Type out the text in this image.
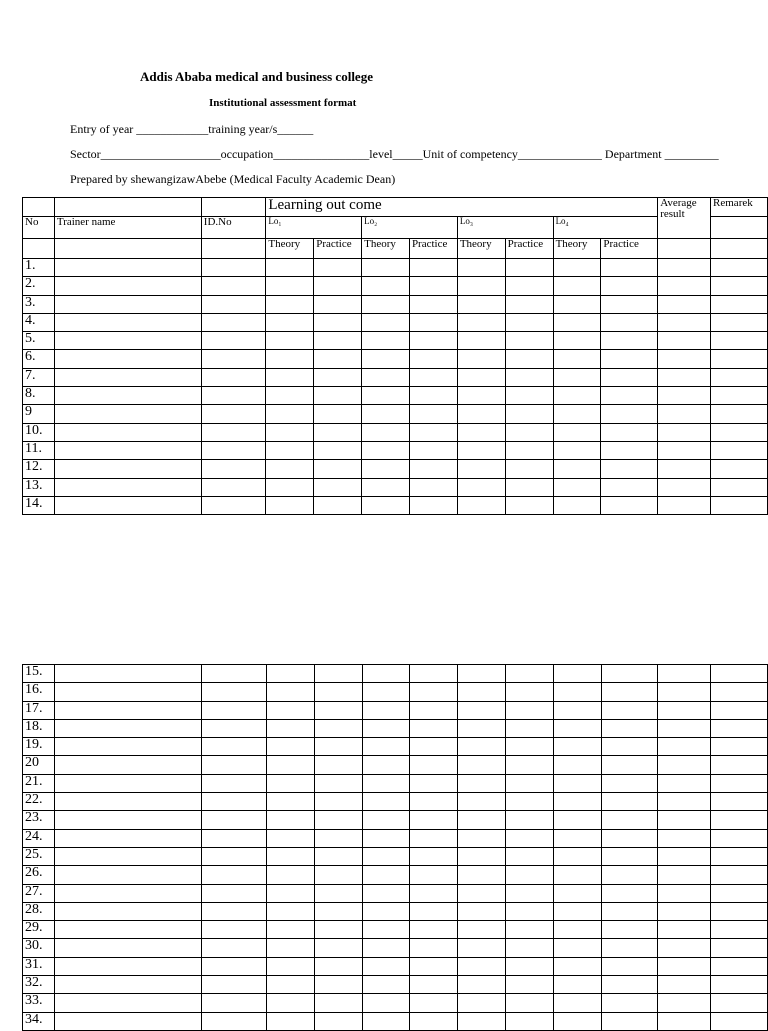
Addis Ababa medical and business college
Institutional assessment format
Entry of year ____________training year/s______
Sector____________________occupation________________level_____Unit of competency______________ Department _________
Prepared by shewangizawAbebe (Medical Faculty Academic Dean)
			Learning out come								Average result	Remarek
No	Trainer name	ID.No	Lo₁		Lo₂		Lo₃		Lo₄			
			Theory	Practice	Theory	Practice	Theory	Practice	Theory	Practice		
1.												
2.												
3.												
4.												
5.												
6.												
7.												
8.												
9												
10.												
11.												
12.												
13.												
14.												
15.												
16.												
17.												
18.												
19.												
20												
21.												
22.												
23.												
24.												
25.												
26.												
27.												
28.												
29.												
30.												
31.												
32.												
33.												
34.												
